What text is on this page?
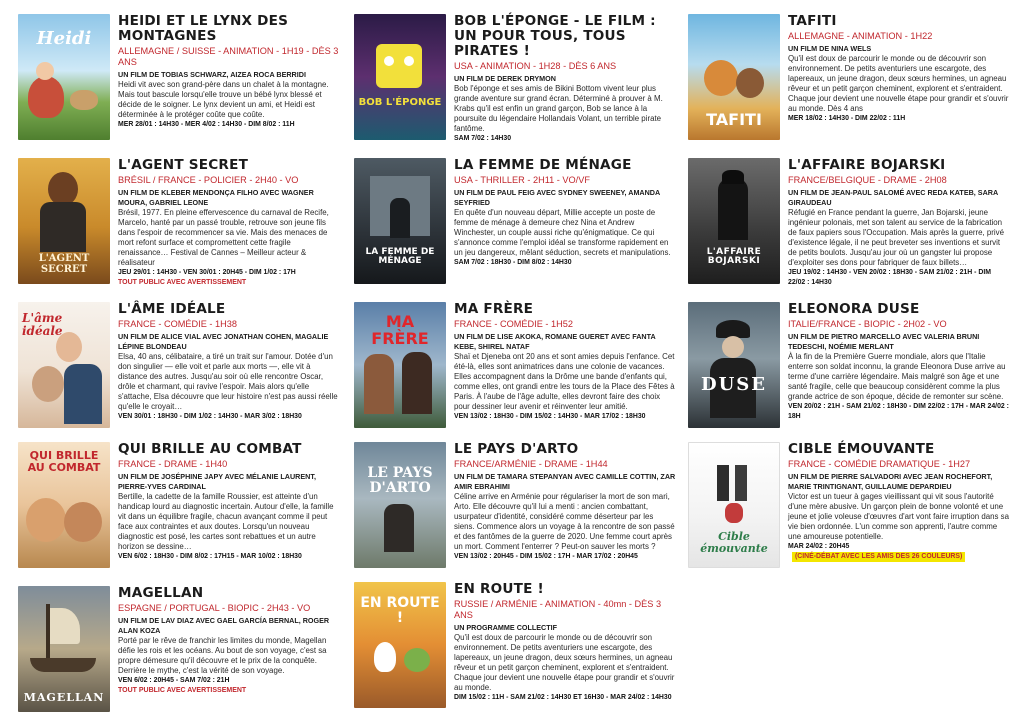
Heidi
HEIDI ET LE LYNX DES MONTAGNES
ALLEMAGNE / SUISSE - ANIMATION - 1H19 - DÈS 3 ANS
UN FILM DE TOBIAS SCHWARZ, AIZEA ROCA BERRIDI
Heidi vit avec son grand-père dans un chalet à la montagne. Mais tout bascule lorsqu'elle trouve un bébé lynx blessé et décide de le soigner. Le lynx devient un ami, et Heidi est déterminée à le protéger coûte que coûte.
MER 28/01 : 14H30 - MER 4/02 : 14H30 - DIM 8/02 : 11H
L'AGENT SECRET
L'AGENT SECRET
BRÉSIL / FRANCE - POLICIER - 2H40 - VO
UN FILM DE KLEBER MENDONÇA FILHO AVEC WAGNER MOURA, GABRIEL LEONE
Brésil, 1977. En pleine effervescence du carnaval de Recife, Marcelo, hanté par un passé trouble, retrouve son jeune fils dans l'espoir de recommencer sa vie. Mais des menaces de mort refont surface et compromettent cette fragile renaissance… Festival de Cannes – Meilleur acteur & réalisateur
JEU 29/01 : 14H30 - VEN 30/01 : 20H45 - DIM 1/02 : 17H
TOUT PUBLIC AVEC AVERTISSEMENT
L'âme idéale
L'ÂME IDÉALE
FRANCE - COMÉDIE - 1H38
UN FILM DE ALICE VIAL AVEC JONATHAN COHEN, MAGALIE LÉPINE BLONDEAU
Elsa, 40 ans, célibataire, a tiré un trait sur l'amour. Dotée d'un don singulier — elle voit et parle aux morts —, elle vit à distance des autres. Jusqu'au soir où elle rencontre Oscar, drôle et charmant, qui ravive l'espoir. Mais alors qu'elle s'attache, Elsa découvre que leur histoire n'est pas aussi réelle qu'elle le croyait…
VEN 30/01 : 18H30 - DIM 1/02 : 14H30 - MAR 3/02 : 18H30
QUI BRILLE AU COMBAT
QUI BRILLE AU COMBAT
FRANCE - DRAME - 1H40
UN FILM DE JOSÉPHINE JAPY AVEC MÉLANIE LAURENT, PIERRE-YVES CARDINAL
Bertille, la cadette de la famille Roussier, est atteinte d'un handicap lourd au diagnostic incertain. Autour d'elle, la famille vit dans un équilibre fragile, chacun avançant comme il peut face aux contraintes et aux doutes. Lorsqu'un nouveau diagnostic est posé, les cartes sont rebattues et un autre horizon se dessine…
VEN 6/02 : 18H30 - DIM 8/02 : 17H15 - MAR 10/02 : 18H30
MAGELLAN
MAGELLAN
ESPAGNE / PORTUGAL - BIOPIC - 2H43 - VO
UN FILM DE LAV DIAZ AVEC GAEL GARCÍA BERNAL, ROGER ALAN KOZA
Porté par le rêve de franchir les limites du monde, Magellan défie les rois et les océans. Au bout de son voyage, c'est sa propre démesure qu'il découvre et le prix de la conquête. Derrière le mythe, c'est la vérité de son voyage.
VEN 6/02 : 20H45 - SAM 7/02 : 21H
TOUT PUBLIC AVEC AVERTISSEMENT
BOB L'ÉPONGE
BOB L'ÉPONGE - LE FILM : UN POUR TOUS, TOUS PIRATES !
USA - ANIMATION - 1H28 - DÈS 6 ANS
UN FILM DE DEREK DRYMON
Bob l'éponge et ses amis de Bikini Bottom vivent leur plus grande aventure sur grand écran. Déterminé à prouver à M. Krabs qu'il est enfin un grand garçon, Bob se lance à la poursuite du légendaire Hollandais Volant, un terrible pirate fantôme.
SAM 7/02 : 14H30
LA FEMME DE MÉNAGE
LA FEMME DE MÉNAGE
USA - THRILLER - 2H11 - VO/VF
UN FILM DE PAUL FEIG AVEC SYDNEY SWEENEY, AMANDA SEYFRIED
En quête d'un nouveau départ, Millie accepte un poste de femme de ménage à demeure chez Nina et Andrew Winchester, un couple aussi riche qu'énigmatique. Ce qui s'annonce comme l'emploi idéal se transforme rapidement en un jeu dangereux, mêlant séduction, secrets et manipulations.
SAM 7/02 : 18H30 - DIM 8/02 : 14H30
MA FRÈRE
MA FRÈRE
FRANCE - COMÉDIE - 1H52
UN FILM DE LISE AKOKA, ROMANE GUERET AVEC FANTA KEBE, SHIREL NATAF
Shaï et Djeneba ont 20 ans et sont amies depuis l'enfance. Cet été-là, elles sont animatrices dans une colonie de vacances. Elles accompagnent dans la Drôme une bande d'enfants qui, comme elles, ont grandi entre les tours de la Place des Fêtes à Paris. À l'aube de l'âge adulte, elles devront faire des choix pour dessiner leur avenir et réinventer leur amitié.
VEN 13/02 : 18H30 - DIM 15/02 : 14H30 - MAR 17/02 : 18H30
LE PAYS D'ARTO
LE PAYS D'ARTO
FRANCE/ARMÉNIE - DRAME - 1H44
UN FILM DE TAMARA STEPANYAN AVEC CAMILLE COTTIN, ZAR AMIR EBRAHIMI
Céline arrive en Arménie pour régulariser la mort de son mari, Arto. Elle découvre qu'il lui a menti : ancien combattant, usurpateur d'identité, considéré comme déserteur par les siens. Commence alors un voyage à la rencontre de son passé et des fantômes de la guerre de 2020. Une femme court après un mort. Comment l'enterrer ? Peut-on sauver les morts ?
VEN 13/02 : 20H45 - DIM 15/02 : 17H - MAR 17/02 : 20H45
EN ROUTE !
EN ROUTE !
RUSSIE / ARMÉNIE - ANIMATION - 40mn - DÈS 3 ANS
UN PROGRAMME COLLECTIF
Qu'il est doux de parcourir le monde ou de découvrir son environnement. De petits aventuriers une escargote, des lapereaux, un jeune dragon, deux sœurs hermines, un agneau rêveur et un petit garçon cheminent, explorent et s'entraident. Chaque jour devient une nouvelle étape pour grandir et s'ouvrir au monde.
DIM 15/02 : 11H - SAM 21/02 : 14H30 ET 16H30 - MAR 24/02 : 14H30
TAFITI
TAFITI
ALLEMAGNE - ANIMATION - 1H22
UN FILM DE NINA WELS
Qu'il est doux de parcourir le monde ou de découvrir son environnement. De petits aventuriers une escargote, des lapereaux, un jeune dragon, deux sœurs hermines, un agneau rêveur et un petit garçon cheminent, explorent et s'entraident. Chaque jour devient une nouvelle étape pour grandir et s'ouvrir au monde. Dès 4 ans
MER 18/02 : 14H30 - DIM 22/02 : 11H
L'AFFAIRE BOJARSKI
L'AFFAIRE BOJARSKI
FRANCE/BELGIQUE - DRAME - 2H08
UN FILM DE JEAN-PAUL SALOMÉ AVEC REDA KATEB, SARA GIRAUDEAU
Réfugié en France pendant la guerre, Jan Bojarski, jeune ingénieur polonais, met son talent au service de la fabrication de faux papiers sous l'Occupation. Mais après la guerre, privé d'existence légale, il ne peut breveter ses inventions et survit de petits boulots. Jusqu'au jour où un gangster lui propose d'exploiter ses dons pour fabriquer de faux billets…
JEU 19/02 : 14H30 - VEN 20/02 : 18H30 - SAM 21/02 : 21H - DIM 22/02 : 14H30
DUSE
ELEONORA DUSE
ITALIE/FRANCE - BIOPIC - 2H02 - VO
UN FILM DE PIETRO MARCELLO AVEC VALERIA BRUNI TEDESCHI, NOÉMIE MERLANT
À la fin de la Première Guerre mondiale, alors que l'Italie enterre son soldat inconnu, la grande Eleonora Duse arrive au terme d'une carrière légendaire. Mais malgré son âge et une santé fragile, celle que beaucoup considèrent comme la plus grande actrice de son époque, décide de remonter sur scène.
VEN 20/02 : 21H - SAM 21/02 : 18H30 - DIM 22/02 : 17H - MAR 24/02 : 18H
Cible émouvante
CIBLE ÉMOUVANTE
FRANCE - COMÉDIE DRAMATIQUE - 1H27
UN FILM DE PIERRE SALVADORI AVEC JEAN ROCHEFORT, MARIE TRINTIGNANT, GUILLAUME DEPARDIEU
Victor est un tueur à gages vieillissant qui vit sous l'autorité d'une mère abusive. Un garçon plein de bonne volonté et une jeune et jolie voleuse d'œuvres d'art vont faire irruption dans sa vie bien ordonnée. L'un comme son apprenti, l'autre comme une amoureuse potentielle.
MAR 24/02 : 20H45(CINÉ-DÉBAT AVEC LES AMIS DES 26 COULEURS)
